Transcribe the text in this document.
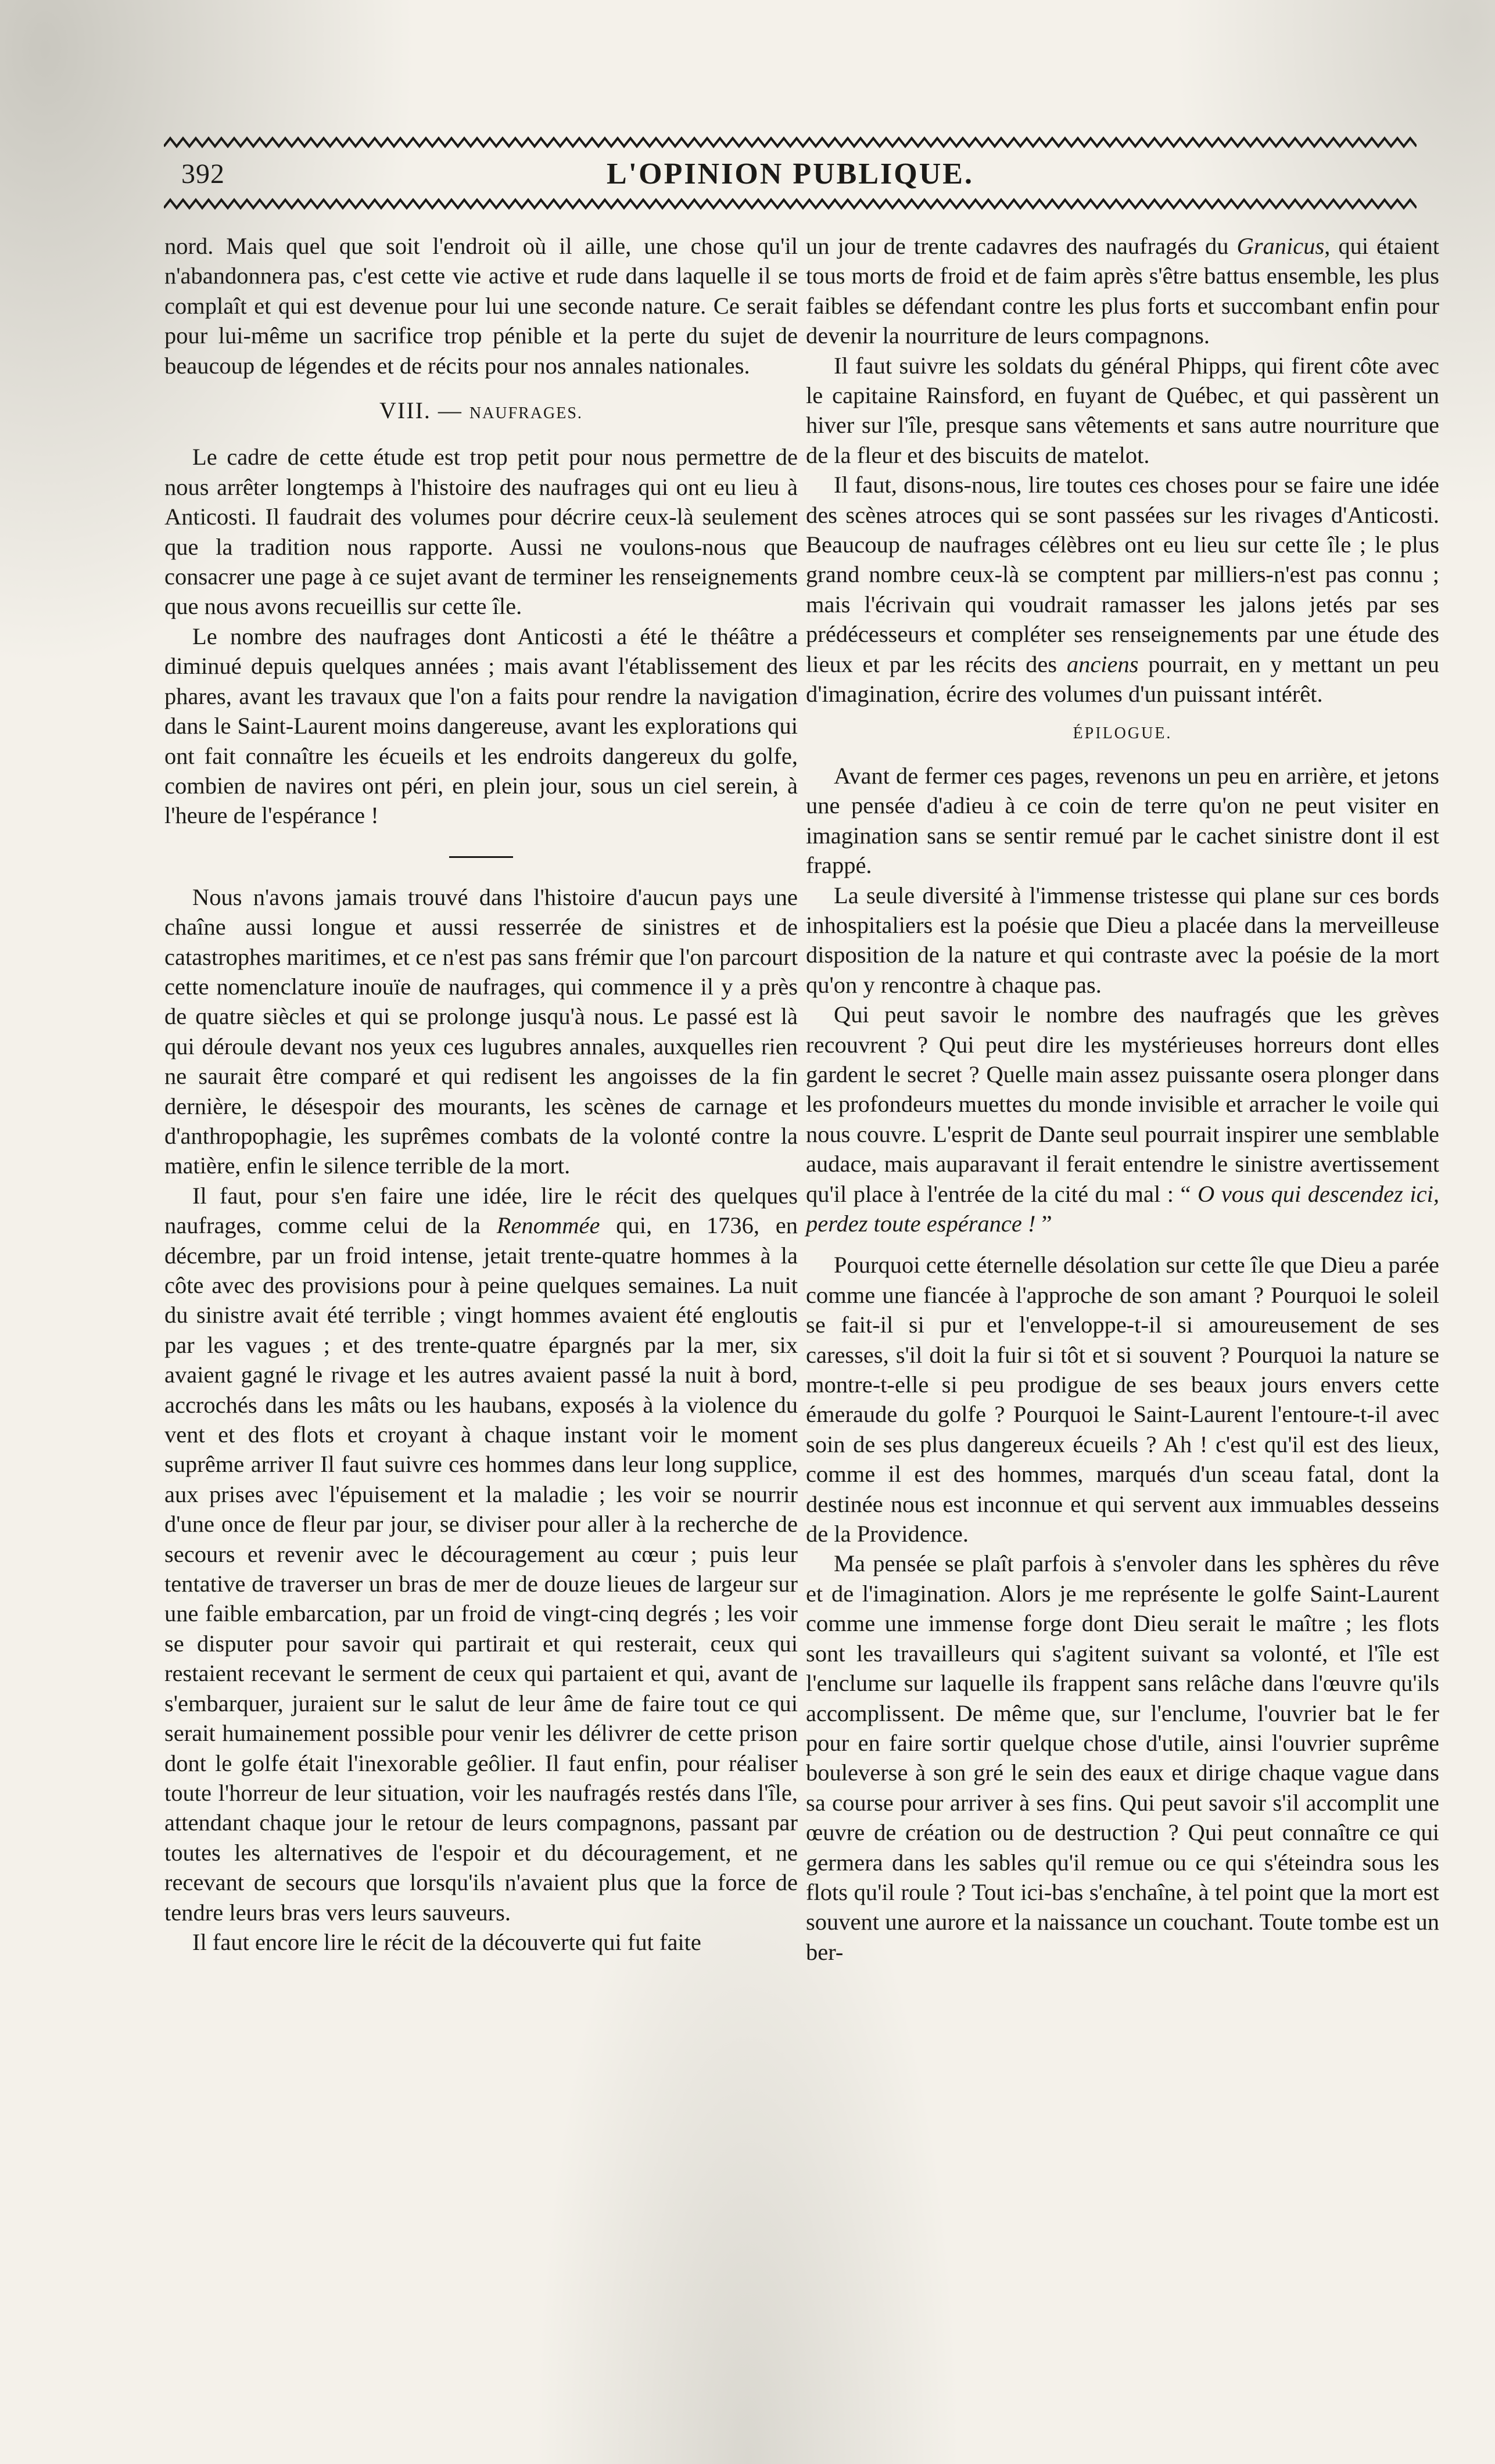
392	L'OPINION PUBLIQUE.

nord. Mais quel que soit l'endroit où il aille, une chose qu'il n'abandonnera pas, c'est cette vie active et rude dans laquelle il se complaît et qui est devenue pour lui une seconde nature. Ce serait pour lui-même un sacrifice trop pénible et la perte du sujet de beaucoup de légendes et de récits pour nos annales nationales.

VIII. — NAUFRAGES.

Le cadre de cette étude est trop petit pour nous permettre de nous arrêter longtemps à l'histoire des naufrages qui ont eu lieu à Anticosti. Il faudrait des volumes pour décrire ceux-là seulement que la tradition nous rapporte. Aussi ne voulons-nous que consacrer une page à ce sujet avant de terminer les renseignements que nous avons recueillis sur cette île.

Le nombre des naufrages dont Anticosti a été le théâtre a diminué depuis quelques années ; mais avant l'établissement des phares, avant les travaux que l'on a faits pour rendre la navigation dans le Saint-Laurent moins dangereuse, avant les explorations qui ont fait connaître les écueils et les endroits dangereux du golfe, combien de navires ont péri, en plein jour, sous un ciel serein, à l'heure de l'espérance !

Nous n'avons jamais trouvé dans l'histoire d'aucun pays une chaîne aussi longue et aussi resserrée de sinistres et de catastrophes maritimes, et ce n'est pas sans frémir que l'on parcourt cette nomenclature inouïe de naufrages, qui commence il y a près de quatre siècles et qui se prolonge jusqu'à nous. Le passé est là qui déroule devant nos yeux ces lugubres annales, auxquelles rien ne saurait être comparé et qui redisent les angoisses de la fin dernière, le désespoir des mourants, les scènes de carnage et d'anthropophagie, les suprêmes combats de la volonté contre la matière, enfin le silence terrible de la mort.

Il faut, pour s'en faire une idée, lire le récit des quelques naufrages, comme celui de la Renommée qui, en 1736, en décembre, par un froid intense, jetait trente-quatre hommes à la côte avec des provisions pour à peine quelques semaines. La nuit du sinistre avait été terrible ; vingt hommes avaient été engloutis par les vagues ; et des trente-quatre épargnés par la mer, six avaient gagné le rivage et les autres avaient passé la nuit à bord, accrochés dans les mâts ou les haubans, exposés à la violence du vent et des flots et croyant à chaque instant voir le moment suprême arriver Il faut suivre ces hommes dans leur long supplice, aux prises avec l'épuisement et la maladie ; les voir se nourrir d'une once de fleur par jour, se diviser pour aller à la recherche de secours et revenir avec le découragement au cœur ; puis leur tentative de traverser un bras de mer de douze lieues de largeur sur une faible embarcation, par un froid de vingt-cinq degrés ; les voir se disputer pour savoir qui partirait et qui resterait, ceux qui restaient recevant le serment de ceux qui partaient et qui, avant de s'embarquer, juraient sur le salut de leur âme de faire tout ce qui serait humainement possible pour venir les délivrer de cette prison dont le golfe était l'inexorable geôlier. Il faut enfin, pour réaliser toute l'horreur de leur situation, voir les naufragés restés dans l'île, attendant chaque jour le retour de leurs compagnons, passant par toutes les alternatives de l'espoir et du découragement, et ne recevant de secours que lorsqu'ils n'avaient plus que la force de tendre leurs bras vers leurs sauveurs.

Il faut encore lire le récit de la découverte qui fut faite

un jour de trente cadavres des naufragés du Granicus, qui étaient tous morts de froid et de faim après s'être battus ensemble, les plus faibles se défendant contre les plus forts et succombant enfin pour devenir la nourriture de leurs compagnons.

Il faut suivre les soldats du général Phipps, qui firent côte avec le capitaine Rainsford, en fuyant de Québec, et qui passèrent un hiver sur l'île, presque sans vêtements et sans autre nourriture que de la fleur et des biscuits de matelot.

Il faut, disons-nous, lire toutes ces choses pour se faire une idée des scènes atroces qui se sont passées sur les rivages d'Anticosti. Beaucoup de naufrages célèbres ont eu lieu sur cette île ; le plus grand nombre ceux-là se comptent par milliers-n'est pas connu ; mais l'écrivain qui voudrait ramasser les jalons jetés par ses prédécesseurs et compléter ses renseignements par une étude des lieux et par les récits des anciens pourrait, en y mettant un peu d'imagination, écrire des volumes d'un puissant intérêt.

ÉPILOGUE.

Avant de fermer ces pages, revenons un peu en arrière, et jetons une pensée d'adieu à ce coin de terre qu'on ne peut visiter en imagination sans se sentir remué par le cachet sinistre dont il est frappé.

La seule diversité à l'immense tristesse qui plane sur ces bords inhospitaliers est la poésie que Dieu a placée dans la merveilleuse disposition de la nature et qui contraste avec la poésie de la mort qu'on y rencontre à chaque pas.

Qui peut savoir le nombre des naufragés que les grèves recouvrent ? Qui peut dire les mystérieuses horreurs dont elles gardent le secret ? Quelle main assez puissante osera plonger dans les profondeurs muettes du monde invisible et arracher le voile qui nous couvre. L'esprit de Dante seul pourrait inspirer une semblable audace, mais auparavant il ferait entendre le sinistre avertissement qu'il place à l'entrée de la cité du mal : “ O vous qui descendez ici, perdez toute espérance ! ”

Pourquoi cette éternelle désolation sur cette île que Dieu a parée comme une fiancée à l'approche de son amant ? Pourquoi le soleil se fait-il si pur et l'enveloppe-t-il si amoureusement de ses caresses, s'il doit la fuir si tôt et si souvent ? Pourquoi la nature se montre-t-elle si peu prodigue de ses beaux jours envers cette émeraude du golfe ? Pourquoi le Saint-Laurent l'entoure-t-il avec soin de ses plus dangereux écueils ? Ah ! c'est qu'il est des lieux, comme il est des hommes, marqués d'un sceau fatal, dont la destinée nous est inconnue et qui servent aux immuables desseins de la Providence.

Ma pensée se plaît parfois à s'envoler dans les sphères du rêve et de l'imagination. Alors je me représente le golfe Saint-Laurent comme une immense forge dont Dieu serait le maître ; les flots sont les travailleurs qui s'agitent suivant sa volonté, et l'île est l'enclume sur laquelle ils frappent sans relâche dans l'œuvre qu'ils accomplissent. De même que, sur l'enclume, l'ouvrier bat le fer pour en faire sortir quelque chose d'utile, ainsi l'ouvrier suprême bouleverse à son gré le sein des eaux et dirige chaque vague dans sa course pour arriver à ses fins. Qui peut savoir s'il accomplit une œuvre de création ou de destruction ? Qui peut connaître ce qui germera dans les sables qu'il remue ou ce qui s'éteindra sous les flots qu'il roule ? Tout ici-bas s'enchaîne, à tel point que la mort est souvent une aurore et la naissance un couchant. Toute tombe est un ber-
